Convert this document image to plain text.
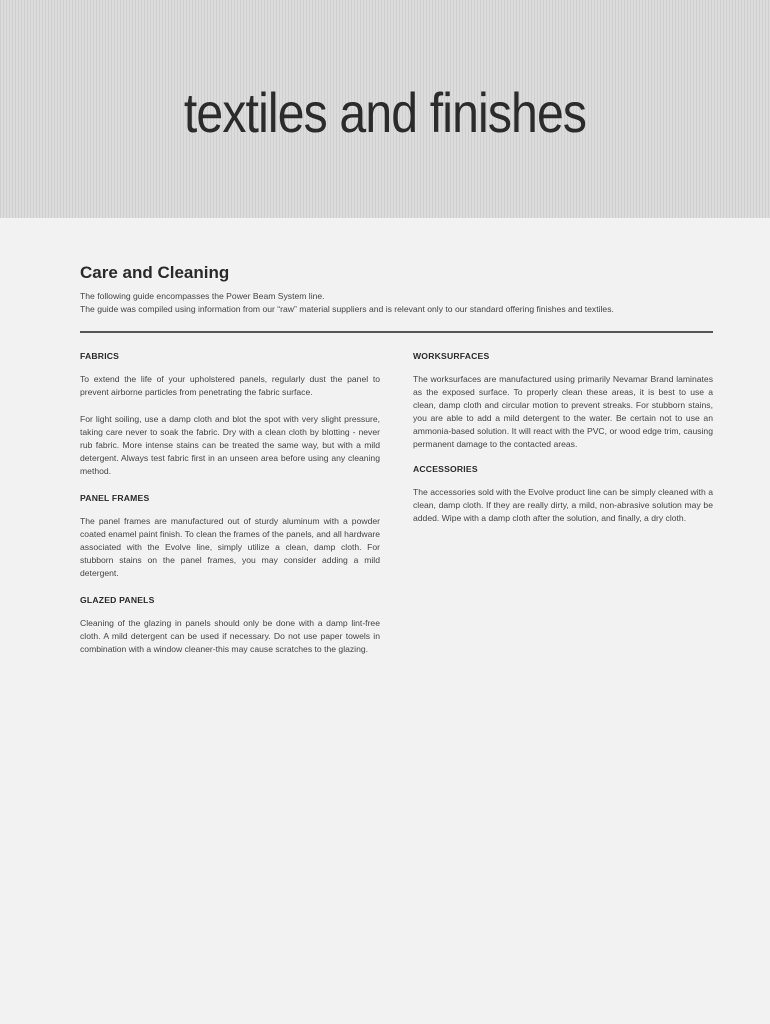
textiles and finishes
Care and Cleaning

The following guide encompasses the Power Beam System line.

The guide was compiled using information from our “raw” material suppliers and is relevant only to our standard offering finishes and textiles.

FABRICS

To extend the life of your upholstered panels, regularly dust the panel to prevent airborne particles from penetrating the fabric surface.

For light soiling, use a damp cloth and blot the spot with very slight pressure, taking care never to soak the fabric. Dry with a clean cloth by blotting - never rub fabric. More intense stains can be treated the same way, but with a mild detergent. Always test fabric first in an unseen area before using any cleaning method.

PANEL FRAMES

The panel frames are manufactured out of sturdy aluminum with a powder coated enamel paint finish. To clean the frames of the panels, and all hardware associated with the Evolve line, simply utilize a clean, damp cloth. For stubborn stains on the panel frames, you may consider adding a mild detergent.

GLAZED PANELS

Cleaning of the glazing in panels should only be done with a damp lint-free cloth. A mild detergent can be used if necessary. Do not use paper towels in combination with a window cleaner-this may cause scratches to the glazing.

WORKSURFACES

The worksurfaces are manufactured using primarily Nevamar Brand laminates as the exposed surface. To properly clean these areas, it is best to use a clean, damp cloth and circular motion to prevent streaks. For stubborn stains, you are able to add a mild detergent to the water. Be certain not to use an ammonia-based solution. It will react with the PVC, or wood edge trim, causing permanent damage to the contacted areas.

ACCESSORIES

The accessories sold with the Evolve product line can be simply cleaned with a clean, damp cloth. If they are really dirty, a mild, non-abrasive solution may be added. Wipe with a damp cloth after the solution, and finally, a dry cloth.
